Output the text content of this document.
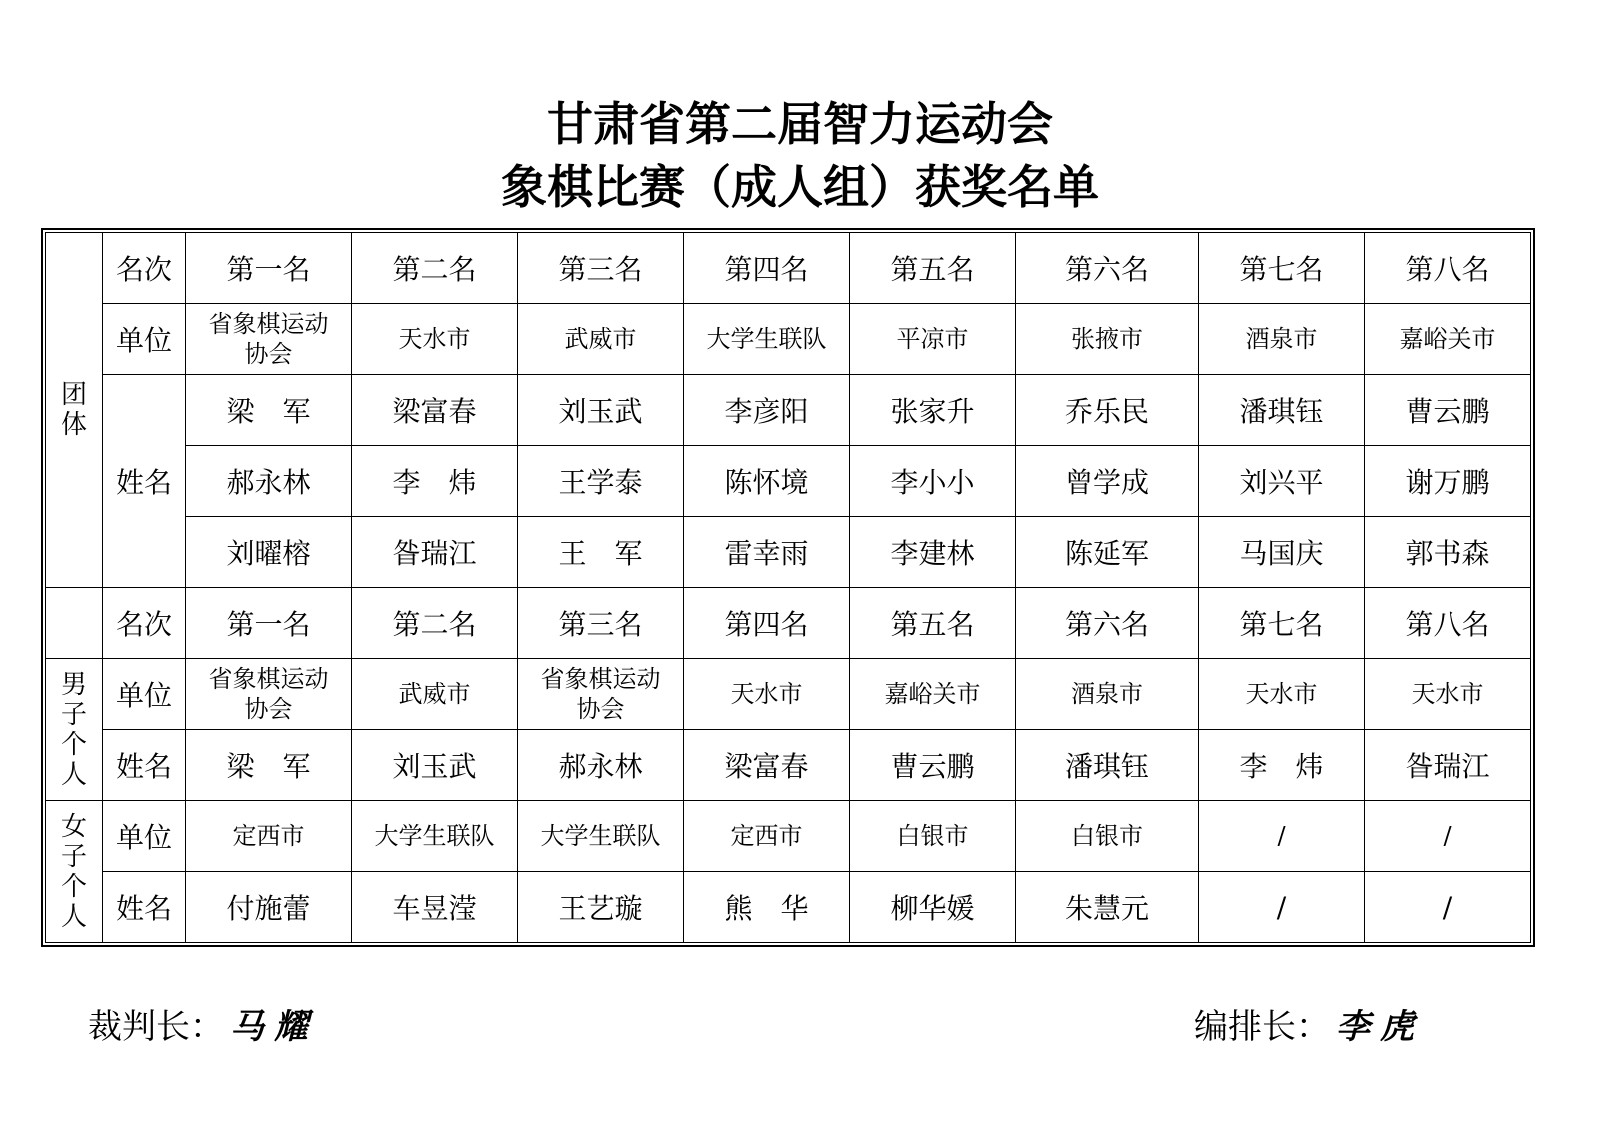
甘肃省第二届智力运动会
象棋比赛（成人组）获奖名单
团体	名次	第一名	第二名	第三名	第四名	第五名	第六名	第七名	第八名
	单位	省象棋运动协会	天水市	武威市	大学生联队	平凉市	张掖市	酒泉市	嘉峪关市
	姓名	梁　军	梁富春	刘玉武	李彦阳	张家升	乔乐民	潘琪钰	曹云鹏
		郝永林	李　炜	王学泰	陈怀境	李小小	曾学成	刘兴平	谢万鹏
		刘曜榕	昝瑞江	王　军	雷幸雨	李建林	陈延军	马国庆	郭书森
	名次	第一名	第二名	第三名	第四名	第五名	第六名	第七名	第八名
男子个人	单位	省象棋运动协会	武威市	省象棋运动协会	天水市	嘉峪关市	酒泉市	天水市	天水市
	姓名	梁　军	刘玉武	郝永林	梁富春	曹云鹏	潘琪钰	李　炜	昝瑞江
女子个人	单位	定西市	大学生联队	大学生联队	定西市	白银市	白银市	/	/
	姓名	付施蕾	车昱滢	王艺璇	熊　华	柳华媛	朱慧元	/	/
裁判长： 马耀	编排长： 李虎
